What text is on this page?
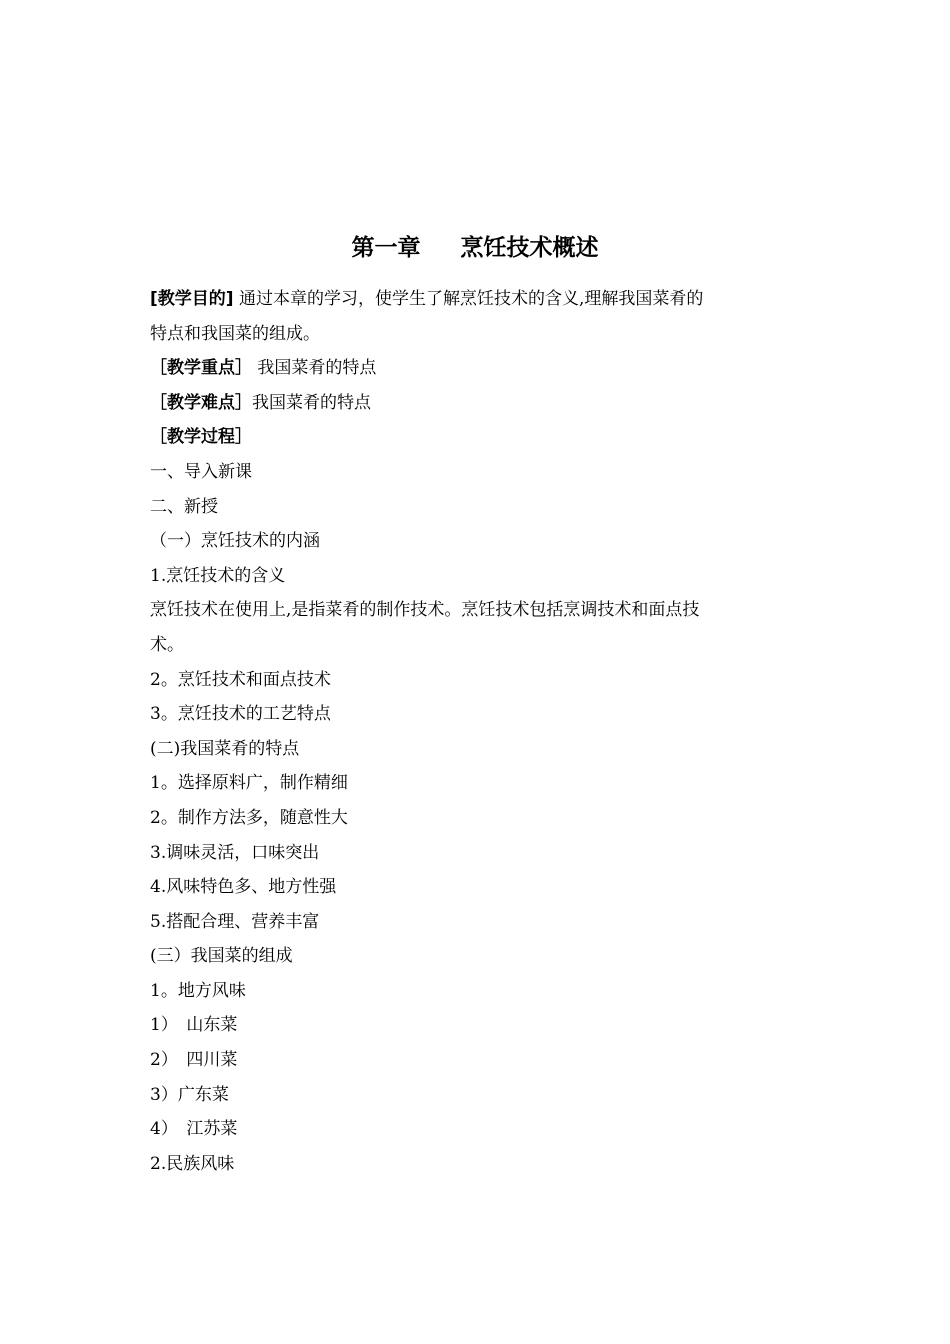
第一章 烹饪技术概述
[教学目的] 通过本章的学习，使学生了解烹饪技术的含义,理解我国菜肴的
特点和我国菜的组成。
［教学重点］ 我国菜肴的特点
［教学难点］我国菜肴的特点
［教学过程］
一、导入新课
二、新授
（一）烹饪技术的内涵
1.烹饪技术的含义
烹饪技术在使用上,是指菜肴的制作技术。烹饪技术包括烹调技术和面点技
术。
2。烹饪技术和面点技术
3。烹饪技术的工艺特点
(二)我国菜肴的特点
1。选择原料广，制作精细
2。制作方法多，随意性大
3.调味灵活，口味突出
4.风味特色多、地方性强
5.搭配合理、营养丰富
(三）我国菜的组成
1。地方风味
1）　山东菜
2）　四川菜
3）广东菜
4）　江苏菜
2.民族风味
